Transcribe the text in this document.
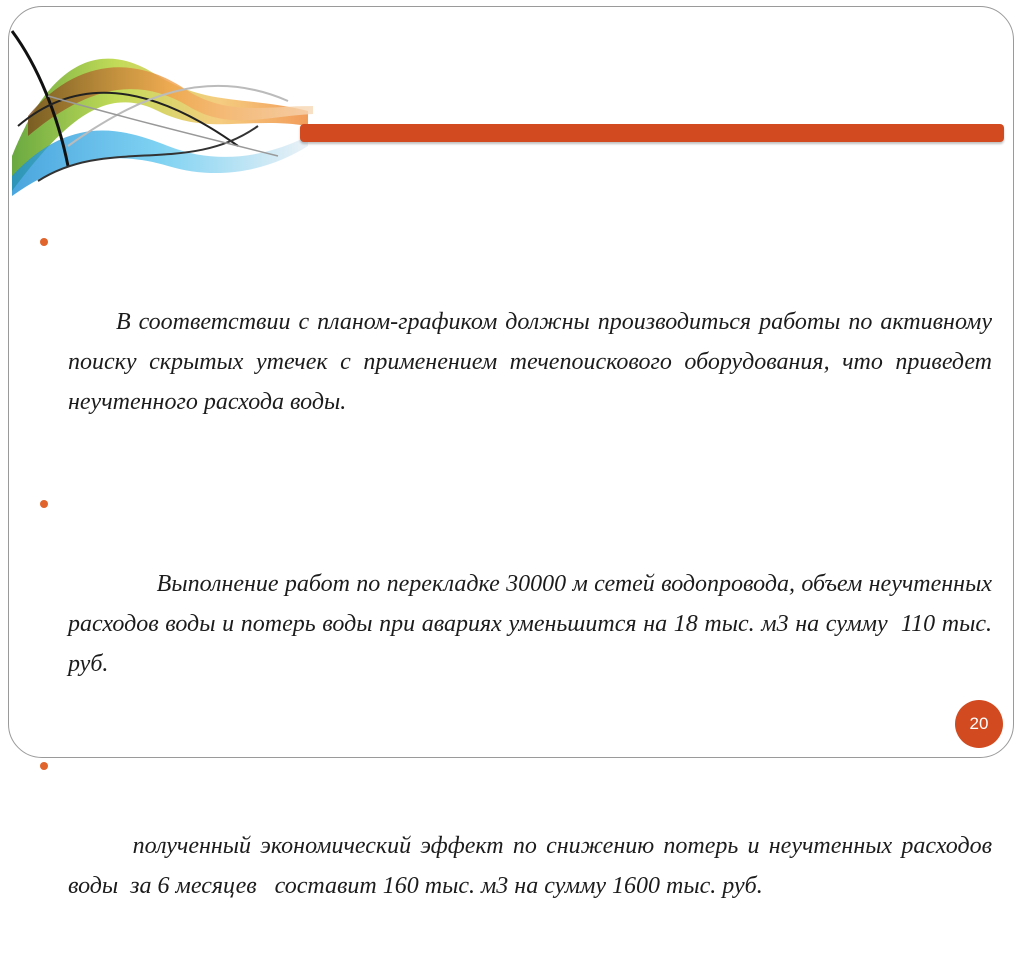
В соответствии с планом-графиком должны производиться работы по активному поиску скрытых утечек с применением течепоискового оборудования, что приведет  неучтенного расхода воды.

Выполнение работ по перекладке 30000 м сетей водопровода, объем неучтенных расходов воды и потерь воды при авариях уменьшится на 18 тыс. м3 на сумму  110 тыс. руб.

полученный экономический эффект по снижению потерь и неучтенных расходов воды  за 6 месяцев   составит 160 тыс. м3 на сумму 1600 тыс. руб.

20
